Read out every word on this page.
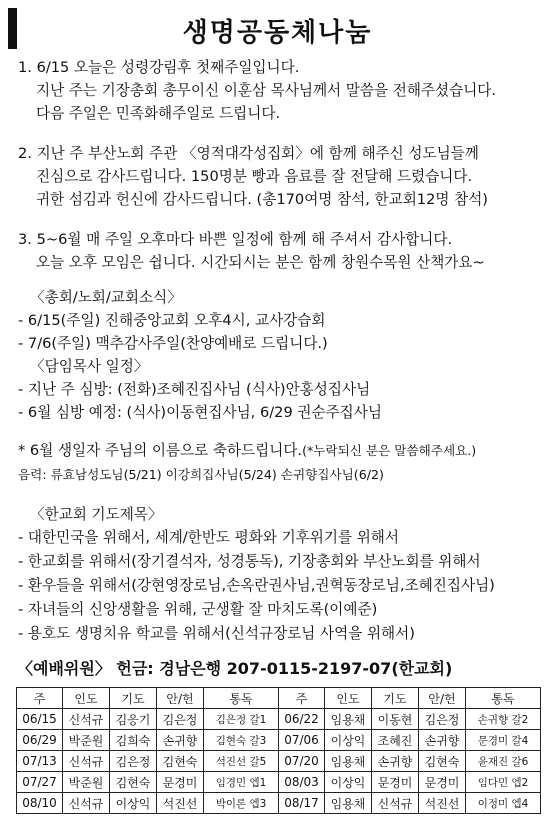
생명공동체나눔
1. 6/15 오늘은 성령강림후 첫째주일입니다.
지난 주는 기장총회 총무이신 이훈삼 목사님께서 말씀을 전해주셨습니다.
다음 주일은 민족화해주일로 드립니다.
2. 지난 주 부산노회 주관 〈영적대각성집회〉에 함께 해주신 성도님들께
진심으로 감사드립니다. 150명분 빵과 음료를 잘 전달해 드렸습니다.
귀한 섬김과 헌신에 감사드립니다. (총170여명 참석, 한교회12명 참석)
3. 5~6월 매 주일 오후마다 바쁜 일정에 함께 해 주셔서 감사합니다.
오늘 오후 모임은 쉽니다. 시간되시는 분은 함께 창원수목원 산책가요~
〈총회/노회/교회소식〉
- 6/15(주일) 진해중앙교회 오후4시, 교사강습회
- 7/6(주일) 맥추감사주일(찬양예배로 드립니다.)
〈담임목사 일정〉
- 지난 주 심방: (전화)조혜진집사님 (식사)안홍성집사님
- 6월 심방 예정: (식사)이동현집사님, 6/29 권순주집사님
* 6월 생일자 주님의 이름으로 축하드립니다.(*누락되신 분은 말씀해주세요.)
음력: 류효남성도님(5/21) 이강희집사님(5/24) 손귀향집사님(6/2)
〈한교회 기도제목〉
- 대한민국을 위해서, 세계/한반도 평화와 기후위기를 위해서
- 한교회를 위해서(장기결석자, 성경통독), 기장총회와 부산노회를 위해서
- 환우들을 위해서(강현영장로님,손옥란권사님,권혁동장로님,조혜진집사님)
- 자녀들의 신앙생활을 위해, 군생활 잘 마치도록(이예준)
- 용호도 생명치유 학교를 위해서(신석규장로님 사역을 위해서)
〈예배위원〉 헌금: 경남은행 207-0115-2197-07(한교회)
주	인도	기도	안/헌	통독	주	인도	기도	안/헌	통독
06/15	신석규	김응기	김은정	김은정 갈1	06/22	임용채	이동현	김은정	손귀향 갈2
06/29	박준원	김희숙	손귀향	김현숙 갈3	07/06	이상익	조혜진	손귀향	문경미 갈4
07/13	신석규	김은정	김현숙	석진선 갈5	07/20	임용채	손귀향	김현숙	윤재진 갈6
07/27	박준원	김현숙	문경미	임경민 엡1	08/03	이상익	문경미	문경미	임다민 엡2
08/10	신석규	이상익	석진선	박이론 엡3	08/17	임용채	신석규	석진선	이정미 엡4
